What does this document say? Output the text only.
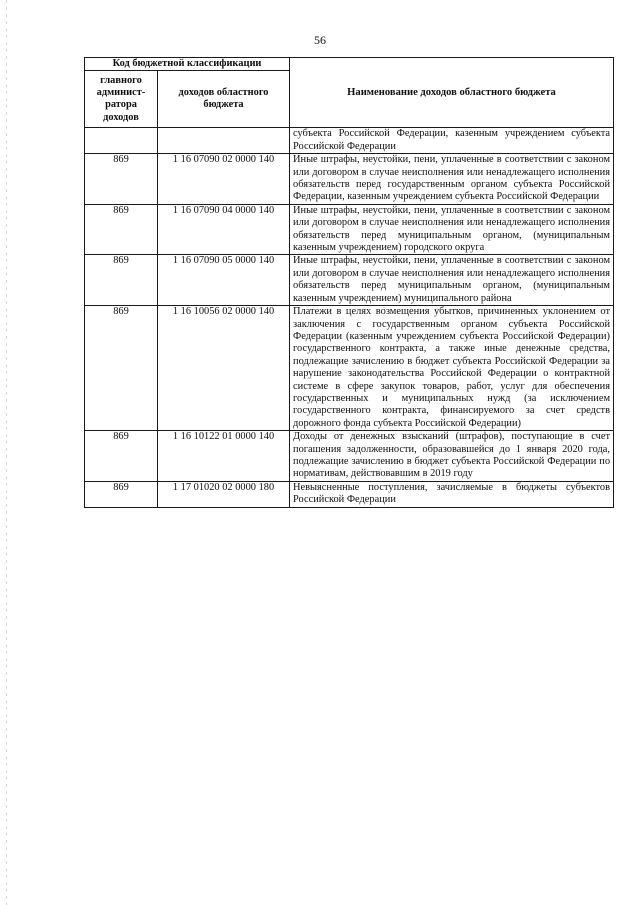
56
Код бюджетной классификации		Наименование доходов областного бюджета
главного админист-ратора доходов	доходов областного бюджета	
		субъекта Российской Федерации, казенным учреждением субъекта Российской Федерации
869	1 16 07090 02 0000 140	Иные штрафы, неустойки, пени, уплаченные в соответствии с законом или договором в случае неисполнения или ненадлежащего исполнения обязательств перед государственным органом субъекта Российской Федерации, казенным учреждением субъекта Российской Федерации
869	1 16 07090 04 0000 140	Иные штрафы, неустойки, пени, уплаченные в соответствии с законом или договором в случае неисполнения или ненадлежащего исполнения обязательств перед муниципальным органом, (муниципальным казенным учреждением) городского округа
869	1 16 07090 05 0000 140	Иные штрафы, неустойки, пени, уплаченные в соответствии с законом или договором в случае неисполнения или ненадлежащего исполнения обязательств перед муниципальным органом, (муниципальным казенным учреждением) муниципального района
869	1 16 10056 02 0000 140	Платежи в целях возмещения убытков, причиненных уклонением от заключения с государственным органом субъекта Российской Федерации (казенным учреждением субъекта Российской Федерации) государственного контракта, а также иные денежные средства, подлежащие зачислению в бюджет субъекта Российской Федерации за нарушение законодательства Российской Федерации о контрактной системе в сфере закупок товаров, работ, услуг для обеспечения государственных и муниципальных нужд (за исключением государственного контракта, финансируемого за счет средств дорожного фонда субъекта Российской Федерации)
869	1 16 10122 01 0000 140	Доходы от денежных взысканий (штрафов), поступающие в счет погашения задолженности, образовавшейся до 1 января 2020 года, подлежащие зачислению в бюджет субъекта Российской Федерации по нормативам, действовавшим в 2019 году
869	1 17 01020 02 0000 180	Невыясненные поступления, зачисляемые в бюджеты субъектов Российской Федерации
